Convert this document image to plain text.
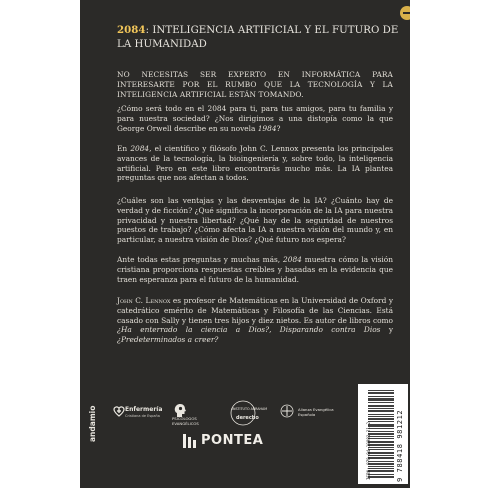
2084: INTELIGENCIA ARTIFICIAL Y EL FUTURO DE LA HUMANIDAD
NO NECESITAS SER EXPERTO EN INFORMÁTICA PARA INTERESARTE POR EL RUMBO QUE LA TECNOLOGÍA Y LA INTELIGENCIA ARTIFICIAL ESTÁN TOMANDO.
¿Cómo será todo en el 2084 para ti, para tus amigos, para tu familia y para nuestra sociedad? ¿Nos dirigimos a una distopía como la que George Orwell describe en su novela 1984?
En 2084, el científico y filósofo John C. Lennox presenta los principales avances de la tecnología, la bioingeniería y, sobre todo, la inteligencia artificial. Pero en este libro encontrarás mucho más. La IA plantea preguntas que nos afectan a todos.
¿Cuáles son las ventajas y las desventajas de la IA? ¿Cuánto hay de verdad y de ficción? ¿Qué significa la incorporación de la IA para nuestra privacidad y nuestra libertad? ¿Qué hay de la seguridad de nuestros puestos de trabajo? ¿Cómo afecta la IA a nuestra visión del mundo y, en particular, a nuestra visión de Dios? ¿Qué futuro nos espera?
Ante todas estas preguntas y muchas más, 2084 muestra cómo la visión cristiana proporciona respuestas creíbles y basadas en la evidencia que traen esperanza para el futuro de la humanidad.
John C. Lennox es profesor de Matemáticas en la Universidad de Oxford y catedrático emérito de Matemáticas y Filosofía de las Ciencias. Está casado con Sally y tienen tres hijos y diez nietos. Es autor de libros como ¿Ha enterrado la ciencia a Dios?, Disparando contra Dios y ¿Predeterminados a creer?
Enfermería
Cristiana de España	PSICÓLOGOS
EVANGÉLICOS
INSTITUTO ABRAHAM
derecho
Alianza Evangélica
Española
andamio	PONTEA	ISBN: 978-84-18981-21-2	9 788418 981212
